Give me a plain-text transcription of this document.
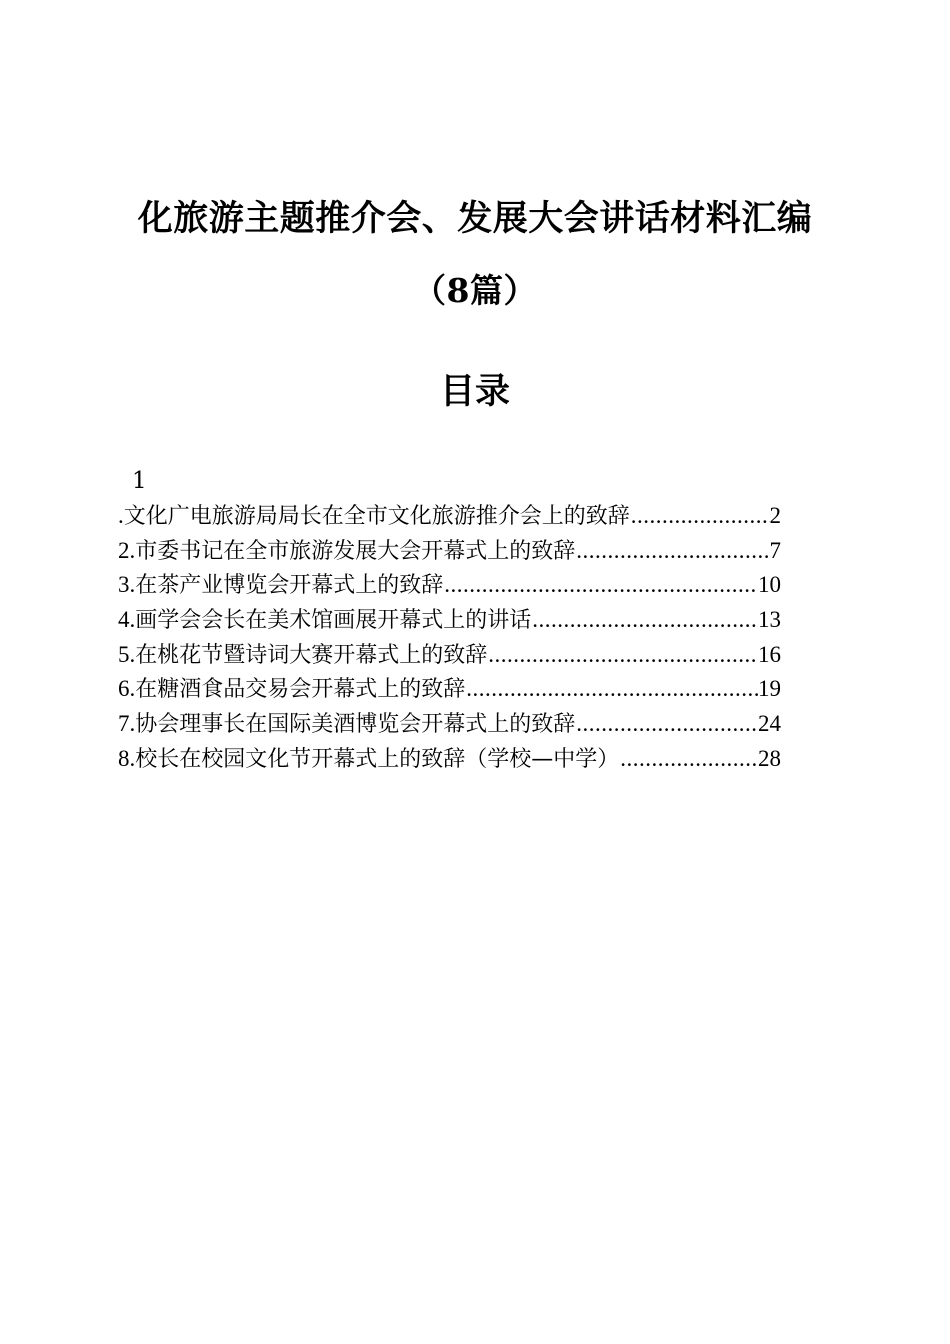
化旅游主题推介会、发展大会讲话材料汇编
（8篇）
目录
1
.文化广电旅游局局长在全市文化旅游推介会上的致辞 .....	2
2.市委书记在全市旅游发展大会开幕式上的致辞 .....	7
3.在茶产业博览会开幕式上的致辞 .....	10
4.画学会会长在美术馆画展开幕式上的讲话 .....	13
5.在桃花节暨诗词大赛开幕式上的致辞 .....	16
6.在糖酒食品交易会开幕式上的致辞 .....	19
7.协会理事长在国际美酒博览会开幕式上的致辞 .....	24
8.校长在校园文化节开幕式上的致辞（学校—中学） .....	28
